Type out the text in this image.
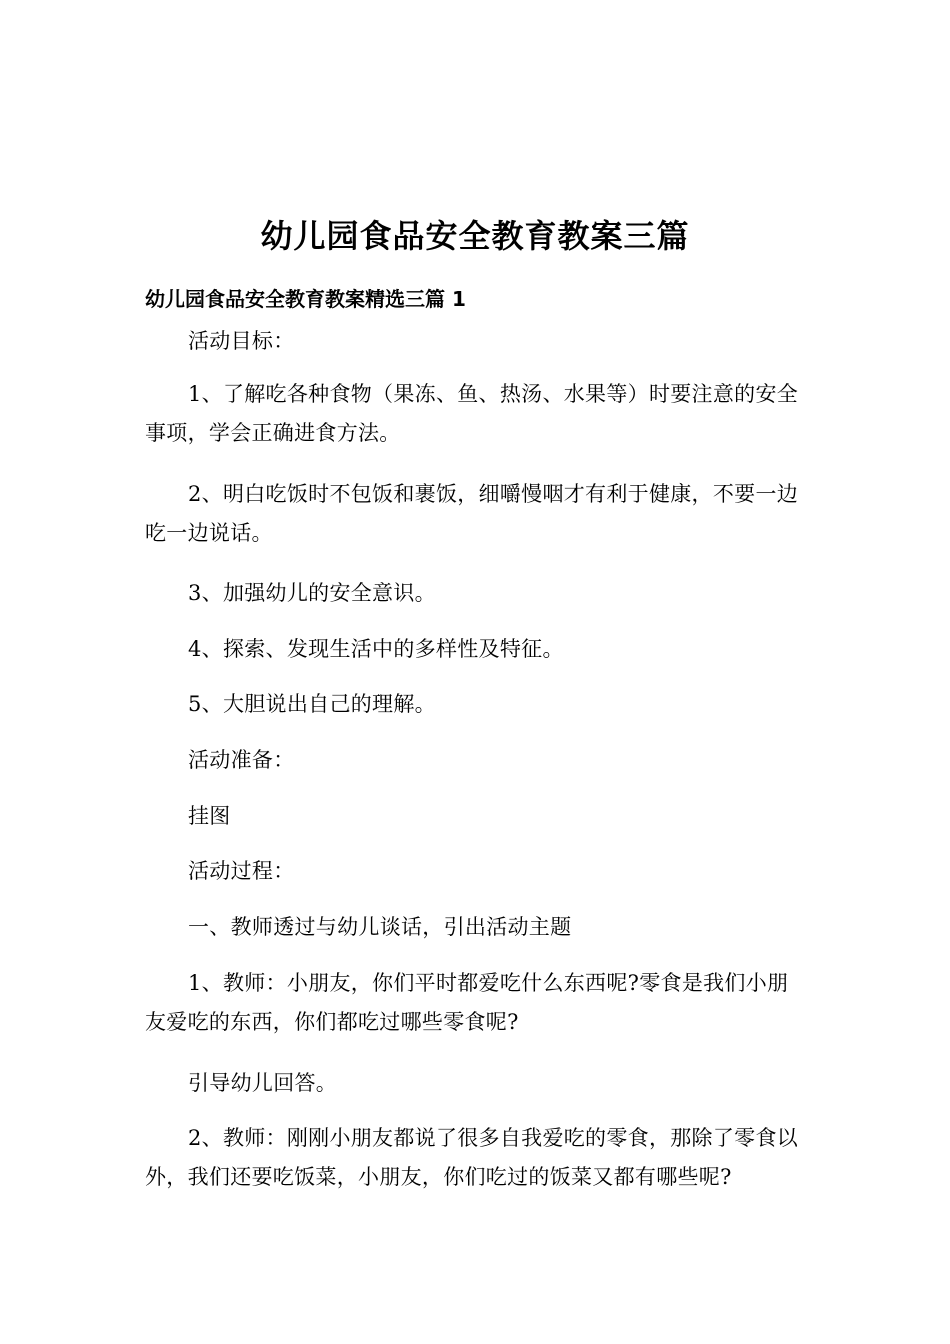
幼儿园食品安全教育教案三篇
幼儿园食品安全教育教案精选三篇 1
活动目标：
1、了解吃各种食物（果冻、鱼、热汤、水果等）时要注意的安全事项，学会正确进食方法。
2、明白吃饭时不包饭和裹饭，细嚼慢咽才有利于健康，不要一边吃一边说话。
3、加强幼儿的安全意识。
4、探索、发现生活中的多样性及特征。
5、大胆说出自己的理解。
活动准备：
挂图
活动过程：
一、教师透过与幼儿谈话，引出活动主题
1、教师：小朋友，你们平时都爱吃什么东西呢?零食是我们小朋友爱吃的东西，你们都吃过哪些零食呢?
引导幼儿回答。
2、教师：刚刚小朋友都说了很多自我爱吃的零食，那除了零食以外，我们还要吃饭菜，小朋友，你们吃过的饭菜又都有哪些呢?
